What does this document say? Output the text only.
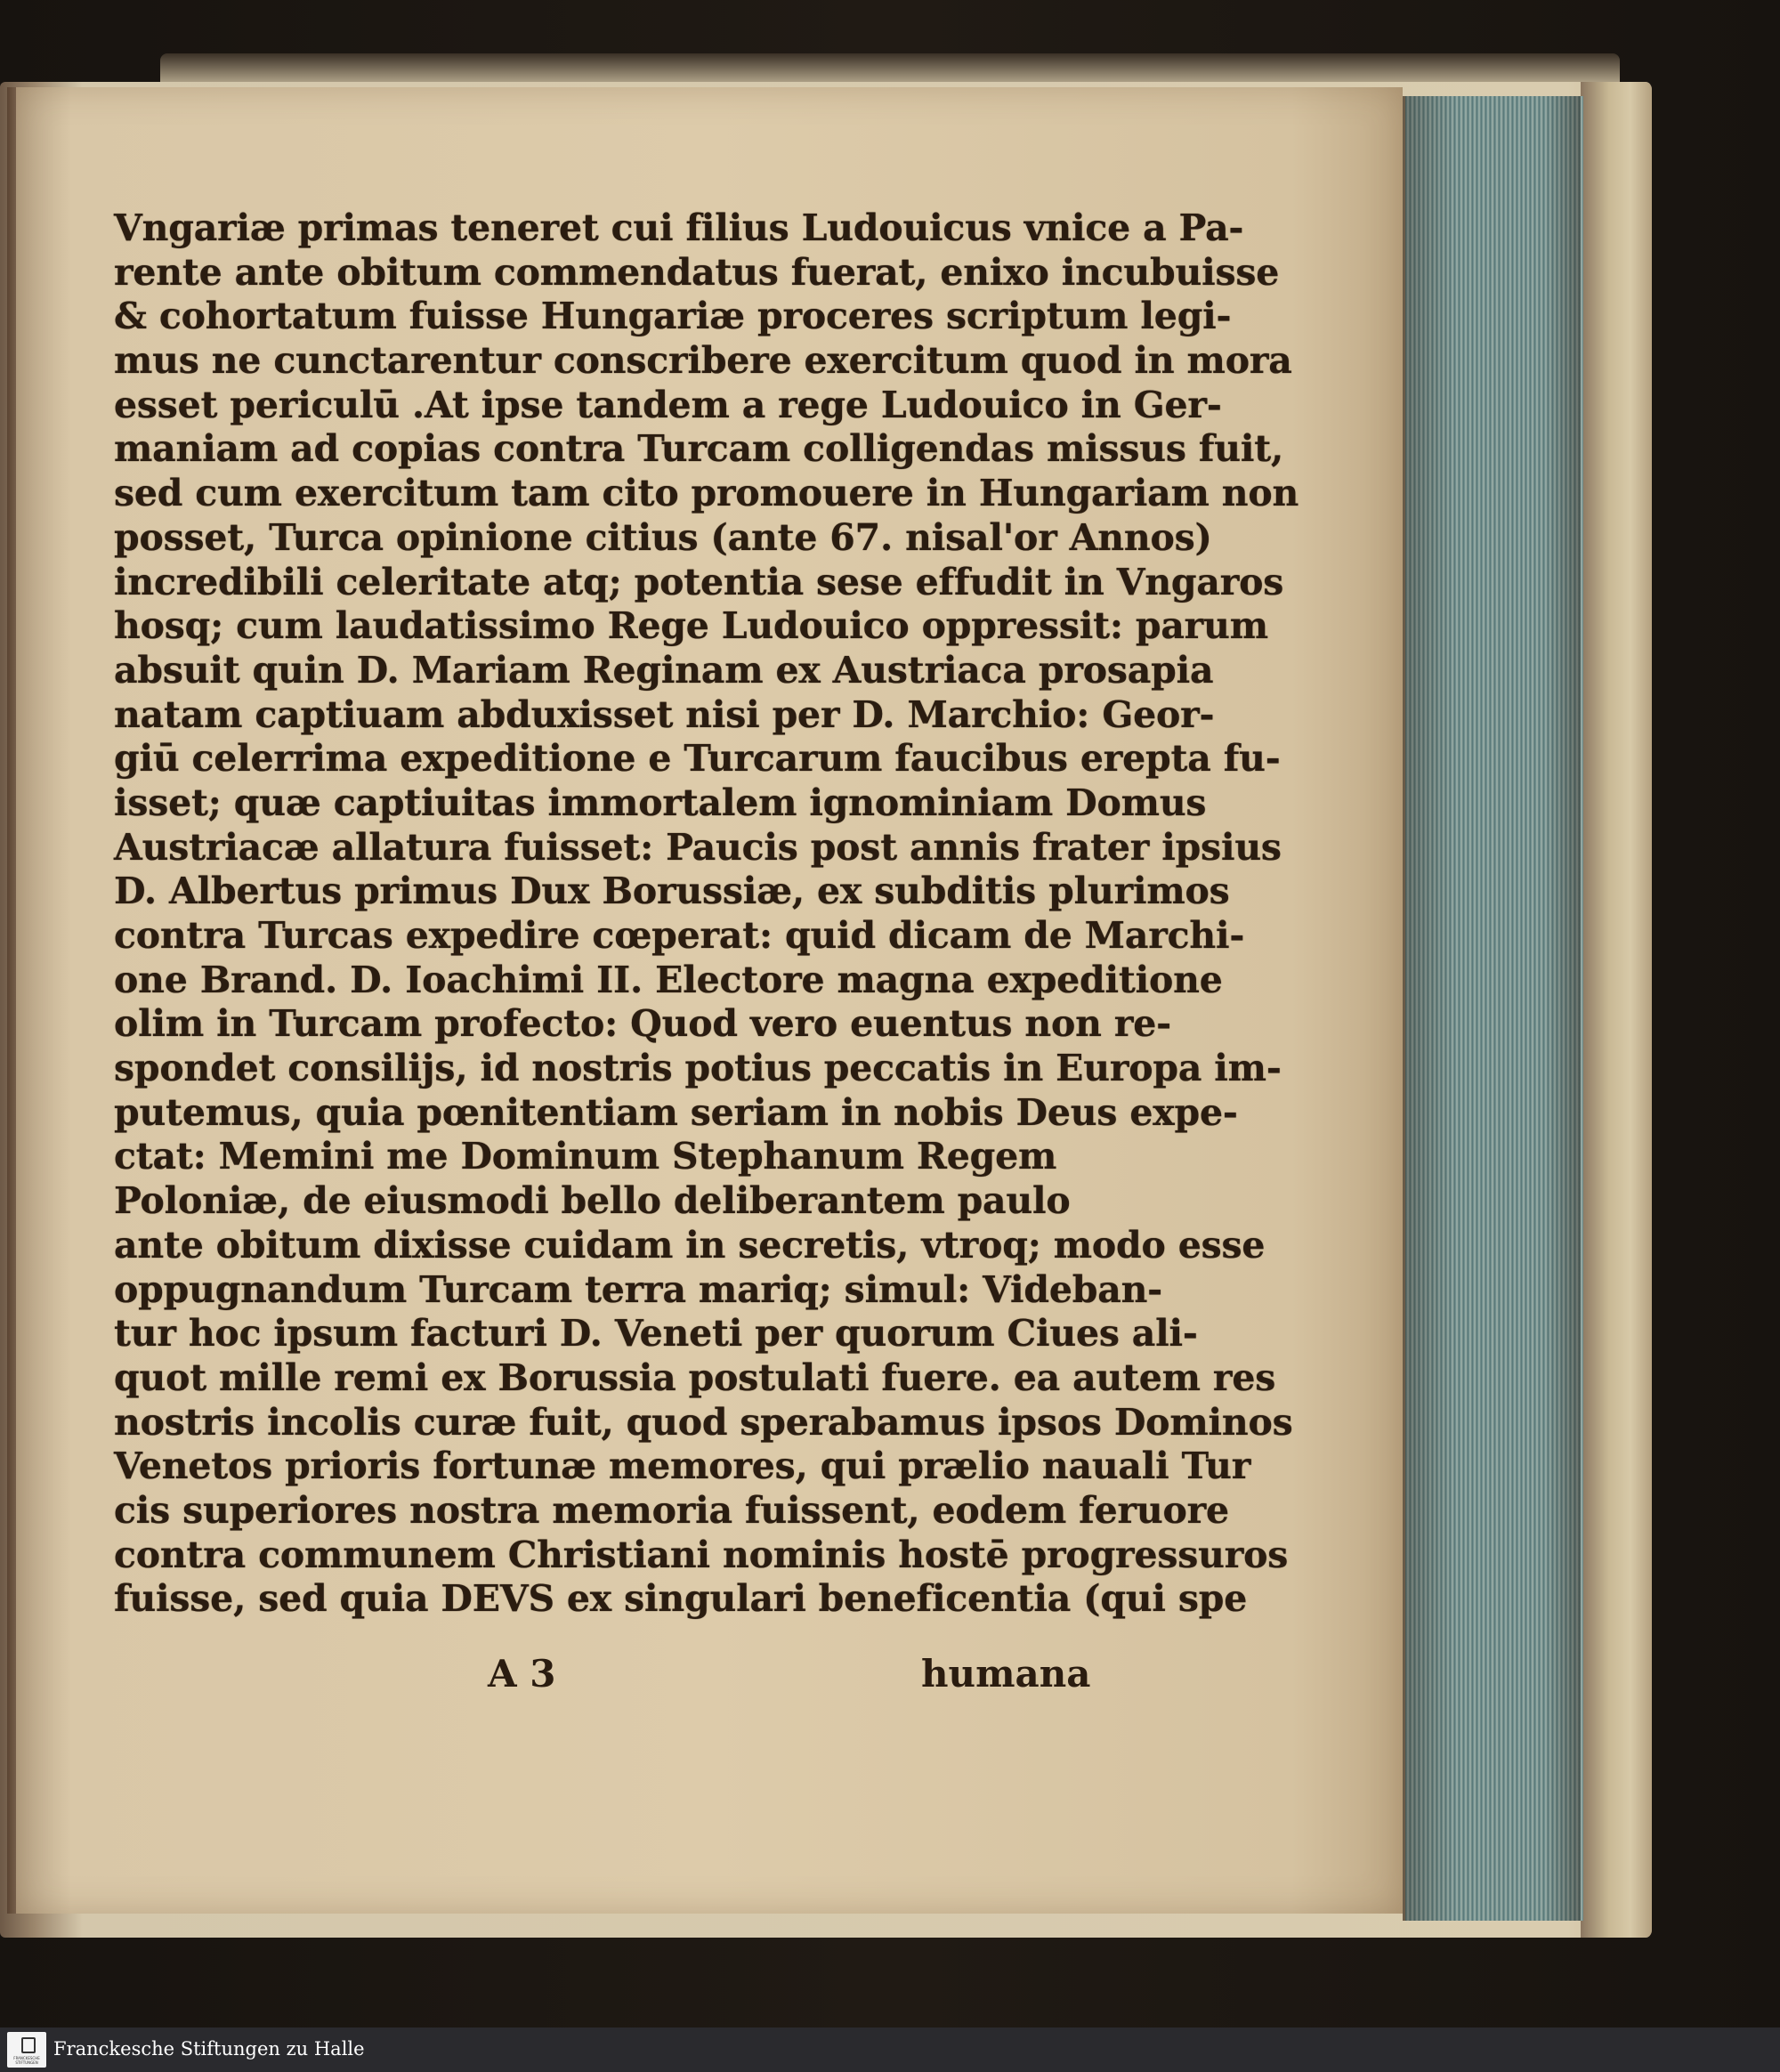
Vngariæ primas teneret cui filius Ludouicus vnice a Pa-
rente ante obitum commendatus fuerat, enixo incubuisse
& cohortatum fuisse Hungariæ proceres scriptum legi-
mus ne cunctarentur conscribere exercitum quod in mora
esset periculū .At ipse tandem a rege Ludouico in Ger-
maniam ad copias contra Turcam colligendas missus fuit,
sed cum exercitum tam cito promouere in Hungariam non
posset, Turca opinione citius (ante 67. nisal'or Annos)
incredibili celeritate atq; potentia sese effudit in Vngaros
hosq; cum laudatissimo Rege Ludouico oppressit: parum
absuit quin D. Mariam Reginam ex Austriaca prosapia
natam captiuam abduxisset nisi per D. Marchio: Geor-
giū celerrima expeditione e Turcarum faucibus erepta fu-
isset; quæ captiuitas immortalem ignominiam Domus
Austriacæ allatura fuisset: Paucis post annis frater ipsius
D. Albertus primus Dux Borussiæ, ex subditis plurimos
contra Turcas expedire cœperat: quid dicam de Marchi-
one Brand. D. Ioachimi II. Electore magna expeditione
olim in Turcam profecto: Quod vero euentus non re-
spondet consilijs, id nostris potius peccatis in Europa im-
putemus, quia pœnitentiam seriam in nobis Deus expe-
ctat: Memini me Dominum Stephanum Regem
Poloniæ, de eiusmodi bello deliberantem paulo
ante obitum dixisse cuidam in secretis, vtroq; modo esse
oppugnandum Turcam terra mariq; simul: Videban-
tur hoc ipsum facturi D. Veneti per quorum Ciues ali-
quot mille remi ex Borussia postulati fuere. ea autem res
nostris incolis curæ fuit, quod sperabamus ipsos Dominos
Venetos prioris fortunæ memores, qui prælio nauali Tur
cis superiores nostra memoria fuissent, eodem feruore
contra communem Christiani nominis hostē progressuros
fuisse, sed quia DEVS ex singulari beneficentia (qui spe
A 3	humana
FRANCKESCHE STIFTUNGEN
Franckesche Stiftungen zu Halle
